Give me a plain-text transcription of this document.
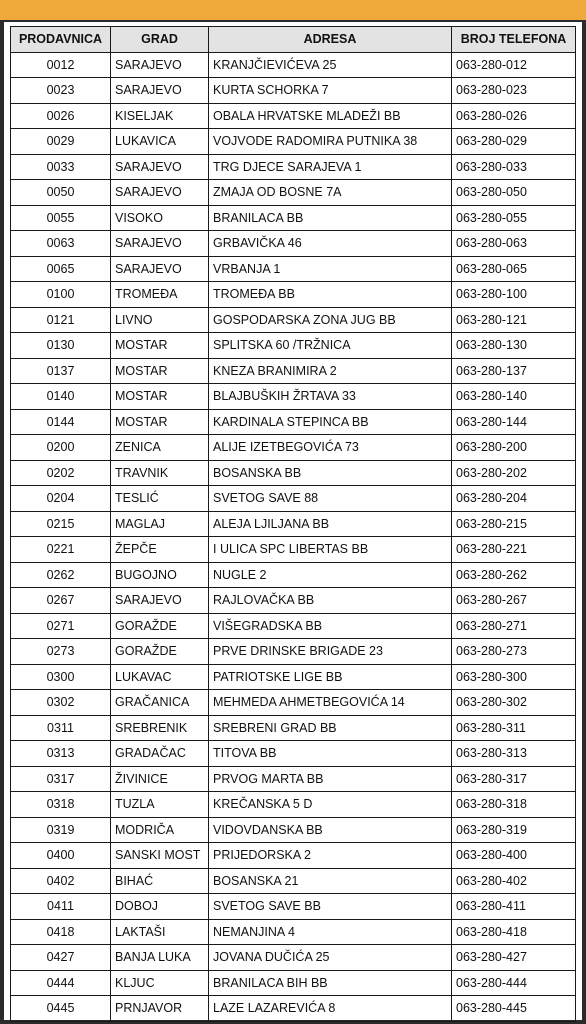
PRODAVNICA	GRAD	ADRESA	BROJ TELEFONA
0012	SARAJEVO	KRANJČIEVIĆEVA 25	063-280-012
0023	SARAJEVO	KURTA SCHORKA 7	063-280-023
0026	KISELJAK	OBALA HRVATSKE MLADEŽI BB	063-280-026
0029	LUKAVICA	VOJVODE RADOMIRA PUTNIKA 38	063-280-029
0033	SARAJEVO	TRG DJECE SARAJEVA 1	063-280-033
0050	SARAJEVO	ZMAJA OD BOSNE 7A	063-280-050
0055	VISOKO	BRANILACA BB	063-280-055
0063	SARAJEVO	GRBAVIČKA 46	063-280-063
0065	SARAJEVO	VRBANJA 1	063-280-065
0100	TROMEĐA	TROMEĐA BB	063-280-100
0121	LIVNO	GOSPODARSKA ZONA JUG BB	063-280-121
0130	MOSTAR	SPLITSKA 60 /TRŽNICA	063-280-130
0137	MOSTAR	KNEZA BRANIMIRA 2	063-280-137
0140	MOSTAR	BLAJBUŠKIH ŽRTAVA 33	063-280-140
0144	MOSTAR	KARDINALA STEPINCA BB	063-280-144
0200	ZENICA	ALIJE IZETBEGOVIĆA 73	063-280-200
0202	TRAVNIK	BOSANSKA BB	063-280-202
0204	TESLIĆ	SVETOG SAVE 88	063-280-204
0215	MAGLAJ	ALEJA LJILJANA BB	063-280-215
0221	ŽEPČE	I ULICA SPC LIBERTAS BB	063-280-221
0262	BUGOJNO	NUGLE 2	063-280-262
0267	SARAJEVO	RAJLOVAČKA BB	063-280-267
0271	GORAŽDE	VIŠEGRADSKA BB	063-280-271
0273	GORAŽDE	PRVE DRINSKE BRIGADE 23	063-280-273
0300	LUKAVAC	PATRIOTSKE LIGE BB	063-280-300
0302	GRAČANICA	MEHMEDA AHMETBEGOVIĆA 14	063-280-302
0311	SREBRENIK	SREBRENI GRAD BB	063-280-311
0313	GRADAČAC	TITOVA BB	063-280-313
0317	ŽIVINICE	PRVOG MARTA BB	063-280-317
0318	TUZLA	KREČANSKA 5 D	063-280-318
0319	MODRIČA	VIDOVDANSKA BB	063-280-319
0400	SANSKI MOST	PRIJEDORSKA 2	063-280-400
0402	BIHAĆ	BOSANSKA 21	063-280-402
0411	DOBOJ	SVETOG SAVE BB	063-280-411
0418	LAKTAŠI	NEMANJINA 4	063-280-418
0427	BANJA LUKA	JOVANA DUČIĆA 25	063-280-427
0444	KLJUC	BRANILACA BIH BB	063-280-444
0445	PRNJAVOR	LAZE LAZAREVIĆA 8	063-280-445
